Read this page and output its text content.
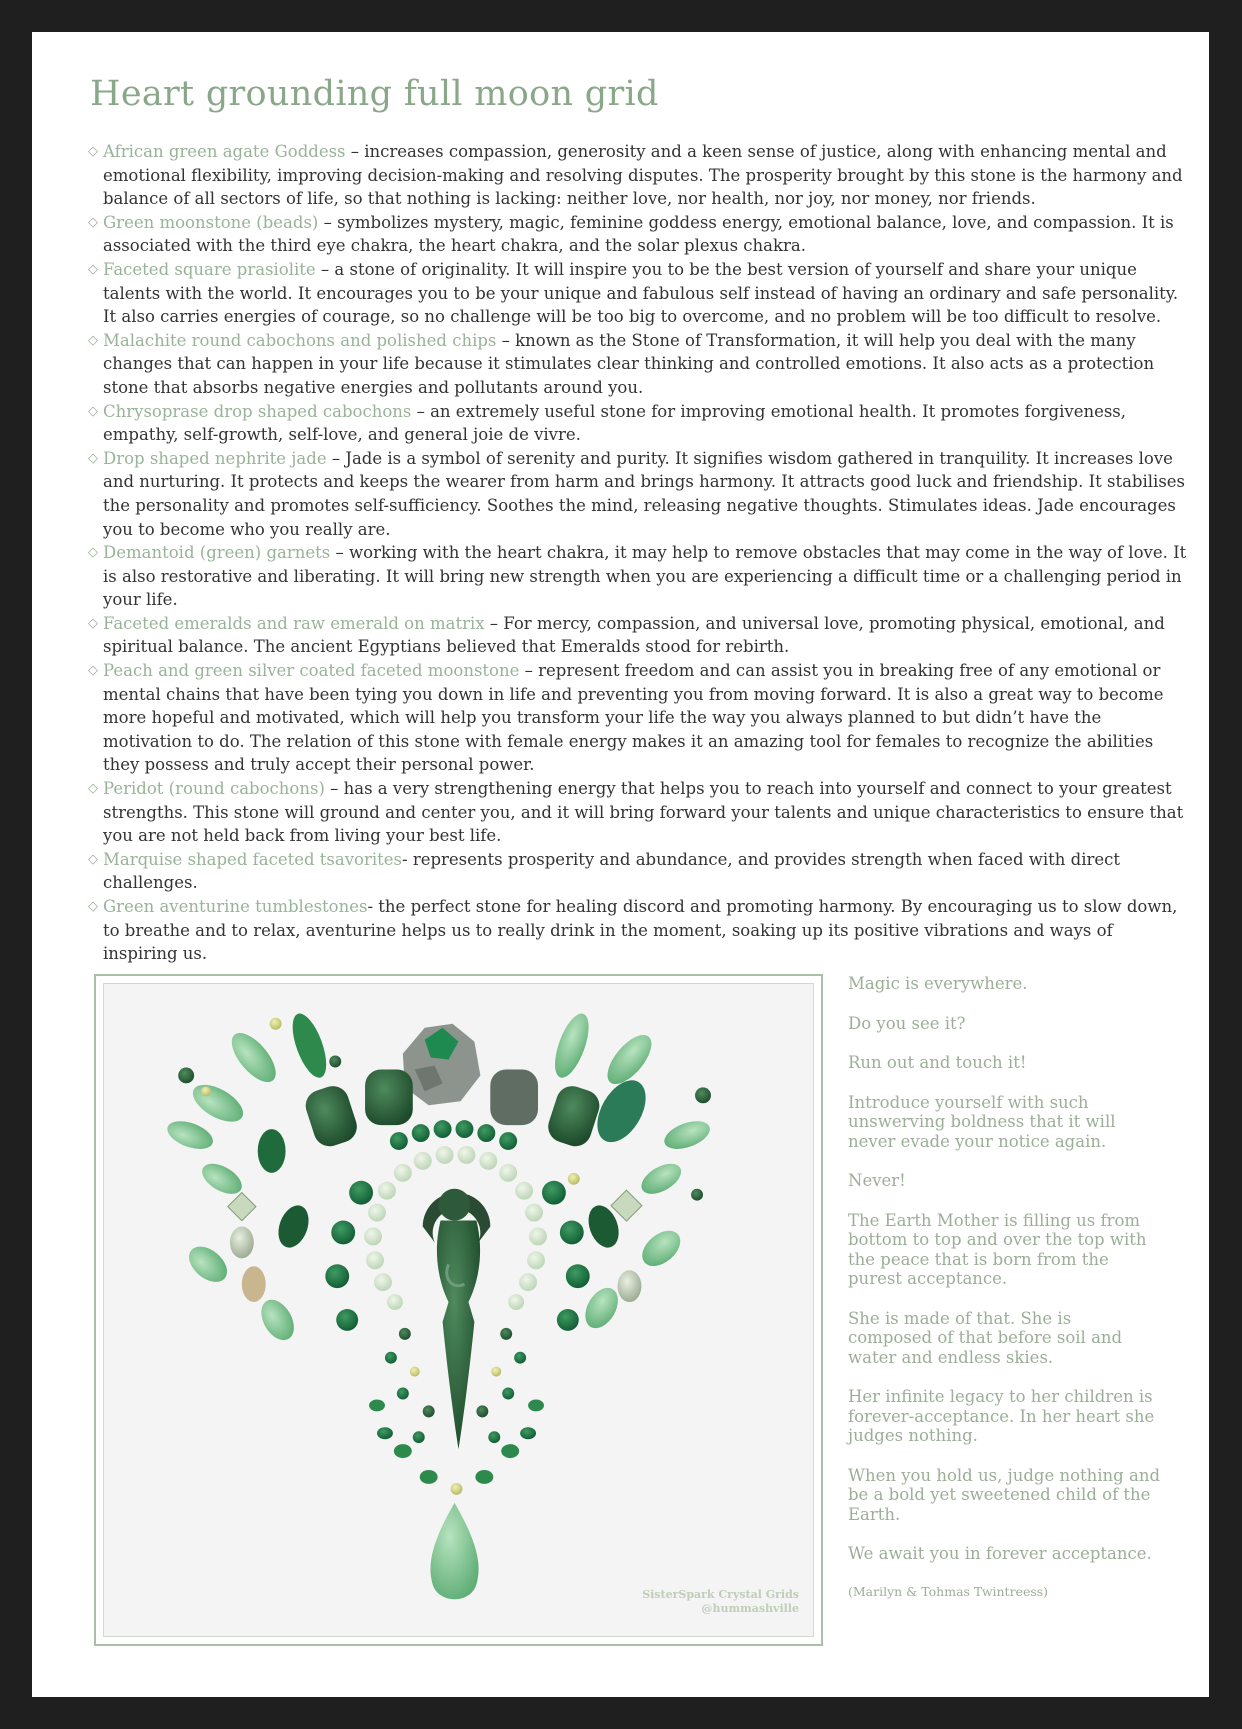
Heart grounding full moon grid
◇ African green agate Goddess – increases compassion, generosity and a keen sense of justice, along with enhancing mental and emotional flexibility, improving decision-making and resolving disputes. The prosperity brought by this stone is the harmony and balance of all sectors of life, so that nothing is lacking: neither love, nor health, nor joy, nor money, nor friends.
◇ Green moonstone (beads) – symbolizes mystery, magic, feminine goddess energy, emotional balance, love, and compassion. It is associated with the third eye chakra, the heart chakra, and the solar plexus chakra.
◇ Faceted square prasiolite – a stone of originality. It will inspire you to be the best version of yourself and share your unique talents with the world. It encourages you to be your unique and fabulous self instead of having an ordinary and safe personality. It also carries energies of courage, so no challenge will be too big to overcome, and no problem will be too difficult to resolve.
◇ Malachite round cabochons and polished chips – known as the Stone of Transformation, it will help you deal with the many changes that can happen in your life because it stimulates clear thinking and controlled emotions. It also acts as a protection stone that absorbs negative energies and pollutants around you.
◇ Chrysoprase drop shaped cabochons – an extremely useful stone for improving emotional health. It promotes forgiveness, empathy, self-growth, self-love, and general joie de vivre.
◇ Drop shaped nephrite jade – Jade is a symbol of serenity and purity. It signifies wisdom gathered in tranquility. It increases love and nurturing. It protects and keeps the wearer from harm and brings harmony. It attracts good luck and friendship. It stabilises the personality and promotes self-sufficiency. Soothes the mind, releasing negative thoughts. Stimulates ideas. Jade encourages you to become who you really are.
◇ Demantoid (green) garnets – working with the heart chakra, it may help to remove obstacles that may come in the way of love. It is also restorative and liberating. It will bring new strength when you are experiencing a difficult time or a challenging period in your life.
◇ Faceted emeralds and raw emerald on matrix – For mercy, compassion, and universal love, promoting physical, emotional, and spiritual balance. The ancient Egyptians believed that Emeralds stood for rebirth.
◇ Peach and green silver coated faceted moonstone – represent freedom and can assist you in breaking free of any emotional or mental chains that have been tying you down in life and preventing you from moving forward. It is also a great way to become more hopeful and motivated, which will help you transform your life the way you always planned to but didn’t have the motivation to do. The relation of this stone with female energy makes it an amazing tool for females to recognize the abilities they possess and truly accept their personal power.
◇ Peridot (round cabochons) – has a very strengthening energy that helps you to reach into yourself and connect to your greatest strengths. This stone will ground and center you, and it will bring forward your talents and unique characteristics to ensure that you are not held back from living your best life.
◇ Marquise shaped faceted tsavorites- represents prosperity and abundance, and provides strength when faced with direct challenges.
◇ Green aventurine tumblestones- the perfect stone for healing discord and promoting harmony. By encouraging us to slow down, to breathe and to relax, aventurine helps us to really drink in the moment, soaking up its positive vibrations and ways of inspiring us.
SisterSpark Crystal Grids
@hummashville

Magic is everywhere.

Do you see it?

Run out and touch it!

Introduce yourself with such unswerving boldness that it will never evade your notice again.

Never!

The Earth Mother is filling us from bottom to top and over the top with the peace that is born from the purest acceptance.

She is made of that. She is composed of that before soil and water and endless skies.

Her infinite legacy to her children is forever-acceptance. In her heart she judges nothing.

When you hold us, judge nothing and be a bold yet sweetened child of the Earth.

We await you in forever acceptance.

(Marilyn & Tohmas Twintreess)
